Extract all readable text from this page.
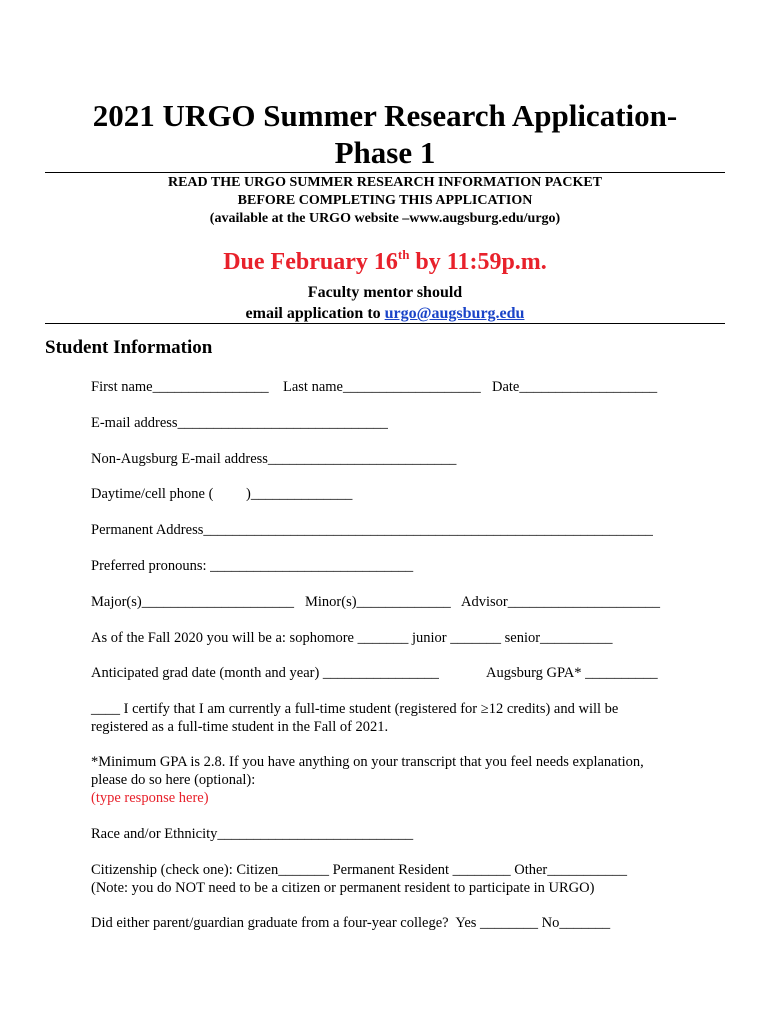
2021 URGO Summer Research Application-
Phase 1
READ THE URGO SUMMER RESEARCH INFORMATION PACKET
BEFORE COMPLETING THIS APPLICATION
(available at the URGO website –www.augsburg.edu/urgo)
Due February 16th by 11:59p.m.
Faculty mentor should
email application to urgo@augsburg.edu
Student Information
First name________________ Last name___________________ Date___________________
E-mail address_____________________________
Non-Augsburg E-mail address__________________________
Daytime/cell phone (         )______________
Permanent Address______________________________________________________________
Preferred pronouns: ____________________________
Major(s)_____________________ Minor(s)_____________ Advisor_____________________
As of the Fall 2020 you will be a: sophomore _______ junior _______ senior__________
Anticipated grad date (month and year) ________________	Augsburg GPA* __________
____ I certify that I am currently a full-time student (registered for ≥12 credits) and will be
registered as a full-time student in the Fall of 2021.
*Minimum GPA is 2.8. If you have anything on your transcript that you feel needs explanation,
please do so here (optional):
(type response here)
Race and/or Ethnicity___________________________
Citizenship (check one): Citizen_______ Permanent Resident ________ Other___________
(Note: you do NOT need to be a citizen or permanent resident to participate in URGO)
Did either parent/guardian graduate from a four-year college?  Yes ________ No_______
